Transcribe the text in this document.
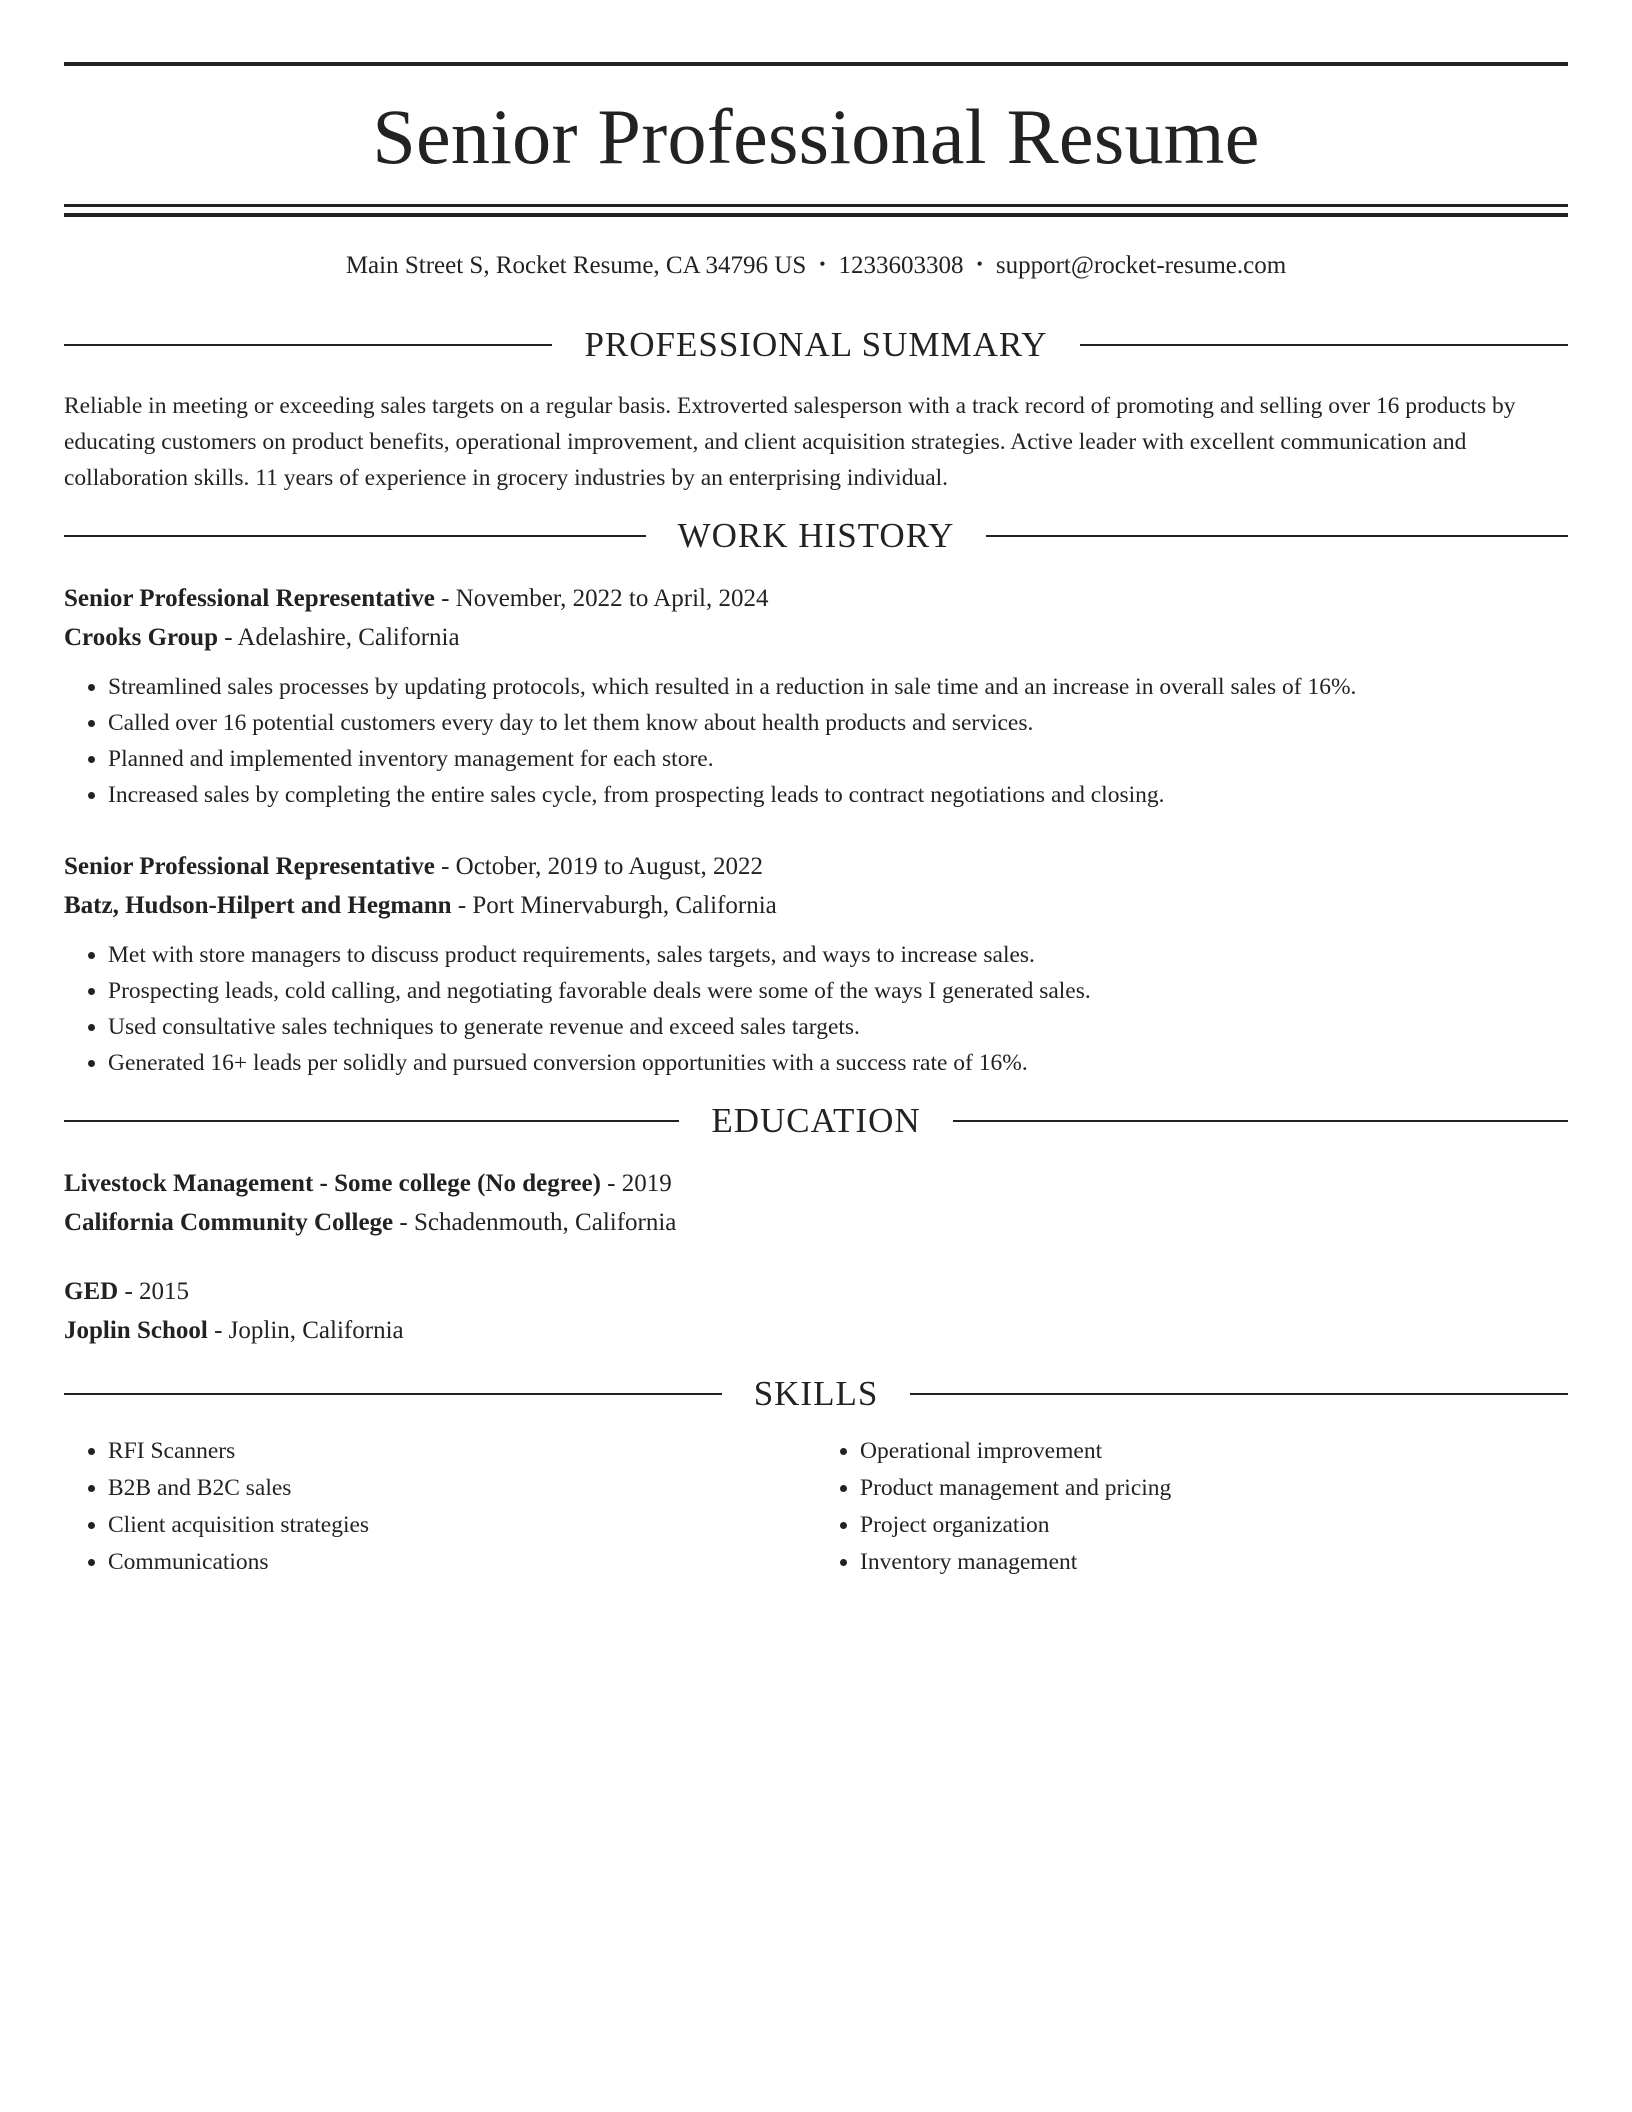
Senior Professional Resume
Main Street S, Rocket Resume, CA 34796 US • 1233603308 • support@rocket-resume.com
PROFESSIONAL SUMMARY

Reliable in meeting or exceeding sales targets on a regular basis. Extroverted salesperson with a track record of promoting and selling over 16 products by educating customers on product benefits, operational improvement, and client acquisition strategies. Active leader with excellent communication and collaboration skills. 11 years of experience in grocery industries by an enterprising individual.

WORK HISTORY
Senior Professional Representative - November, 2022 to April, 2024
Crooks Group - Adelashire, California
• Streamlined sales processes by updating protocols, which resulted in a reduction in sale time and an increase in overall sales of 16%.
• Called over 16 potential customers every day to let them know about health products and services.
• Planned and implemented inventory management for each store.
• Increased sales by completing the entire sales cycle, from prospecting leads to contract negotiations and closing.
Senior Professional Representative - October, 2019 to August, 2022
Batz, Hudson-Hilpert and Hegmann - Port Minervaburgh, California
• Met with store managers to discuss product requirements, sales targets, and ways to increase sales.
• Prospecting leads, cold calling, and negotiating favorable deals were some of the ways I generated sales.
• Used consultative sales techniques to generate revenue and exceed sales targets.
• Generated 16+ leads per solidly and pursued conversion opportunities with a success rate of 16%.
EDUCATION
Livestock Management - Some college (No degree) - 2019
California Community College - Schadenmouth, California
GED - 2015
Joplin School - Joplin, California
SKILLS
• RFI Scanners
• B2B and B2C sales
• Client acquisition strategies
• Communications
• Operational improvement
• Product management and pricing
• Project organization
• Inventory management
